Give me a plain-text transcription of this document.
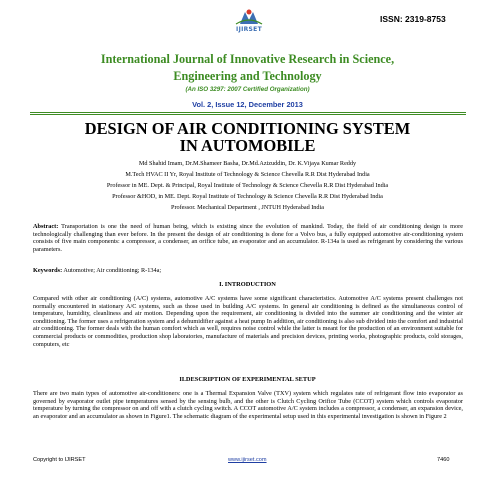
IJIRSET
ISSN: 2319-8753
International Journal of Innovative Research in Science,
Engineering and Technology
(An ISO 3297: 2007 Certified Organization)
Vol. 2, Issue 12, December 2013
DESIGN OF AIR CONDITIONING SYSTEM
IN AUTOMOBILE
Md Shahid Imam, Dr.M.Shameer Basha, Dr.Md.Azizuddin, Dr. K.Vijaya Kumar Reddy
M.Tech HVAC II Yr, Royal Institute of Technology & Science Chevella R.R Dist Hyderabad India
Professor in ME. Dept. & Principal, Royal Institute of Technology & Science Chevella R.R Dist Hyderabad India
Professor &HOD, in ME. Dept. Royal Institute of Technology & Science Chevella R.R Dist Hyderabad India
Professor. Mechanical Department , JNTUH Hyderabad India

Abstract: Transportation is one the need of human being, which is existing since the evolution of mankind. Today, the field of air conditioning design is more technologically challenging than ever before. In the present the design of air conditioning is done for a Volvo bus, a fully equipped automotive air-conditioning system consists of five main components: a compressor, a condenser, an orifice tube, an evaporator and an accumulator. R-134a is used as refrigerant by considering the various parameters.

Keywords: Automotive; Air conditioning; R-134a;

I. INTRODUCTION

Compared with other air conditioning (A/C) systems, automotive A/C systems have some significant characteristics. Automotive A/C systems present challenges not normally encountered in stationary A/C systems, such as those used in building A/C systems. In general air conditioning is defined as the simultaneous control of temperature, humidity, cleanliness and air motion. Depending upon the requirement, air conditioning is divided into the summer air conditioning and the winter air conditioning. The former uses a refrigeration system and a dehumidifier against a heat pump In addition, air conditioning is also sub divided into the comfort and industrial air conditioning. The former deals with the human comfort which as well, requires noise control while the latter is meant for the production of an environment suitable for commercial products or commodities, production shop laboratories, manufacture of materials and precision devices, printing works, photographic products, cold storages, computers, etc

II.DESCRIPTION OF EXPERIMENTAL SETUP

There are two main types of automotive air-conditioners: one is a Thermal Expansion Valve (TXV) system which regulates rate of refrigerant flow into evaporator as governed by evaporator outlet pipe temperatures sensed by the sensing bulb, and the other is Clutch Cycling Orifice Tube (CCOT) system which controls evaporator temperature by turning the compressor on and off with a clutch cycling switch. A CCOT automotive A/C system includes a compressor, a condenser, an expansion device, an evaporator and an accumulator as shown in Figure1. The schematic diagram of the experimental setup used in this experimental investigation is shown in Figure 2

Copyright to IJIRSET	www.ijirset.com	7460
